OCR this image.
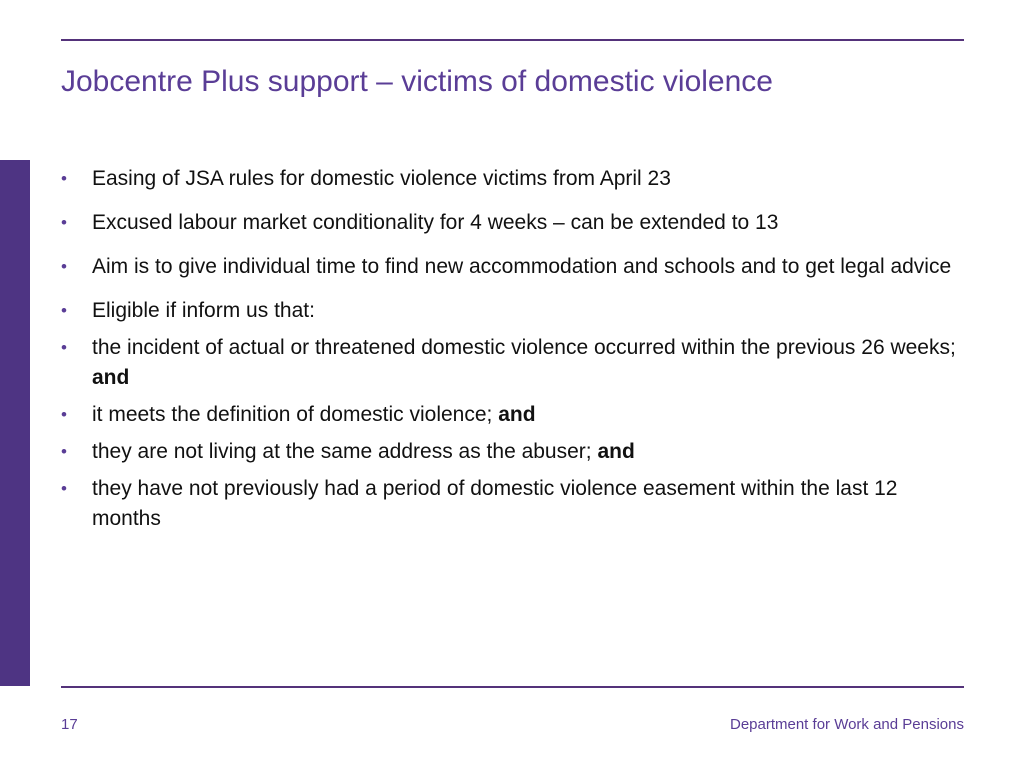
Jobcentre Plus support – victims of domestic violence
• Easing of JSA rules for domestic violence victims from April 23
• Excused labour market conditionality for 4 weeks – can be extended to 13
• Aim is to give individual time to find new accommodation and schools and to get legal advice
• Eligible if inform us that:
• the incident of actual or threatened domestic violence occurred within the previous 26 weeks; and
• it meets the definition of domestic violence; and
• they are not living at the same address as the abuser; and
• they have not previously had a period of domestic violence easement within the last 12 months
17	Department for Work and Pensions
